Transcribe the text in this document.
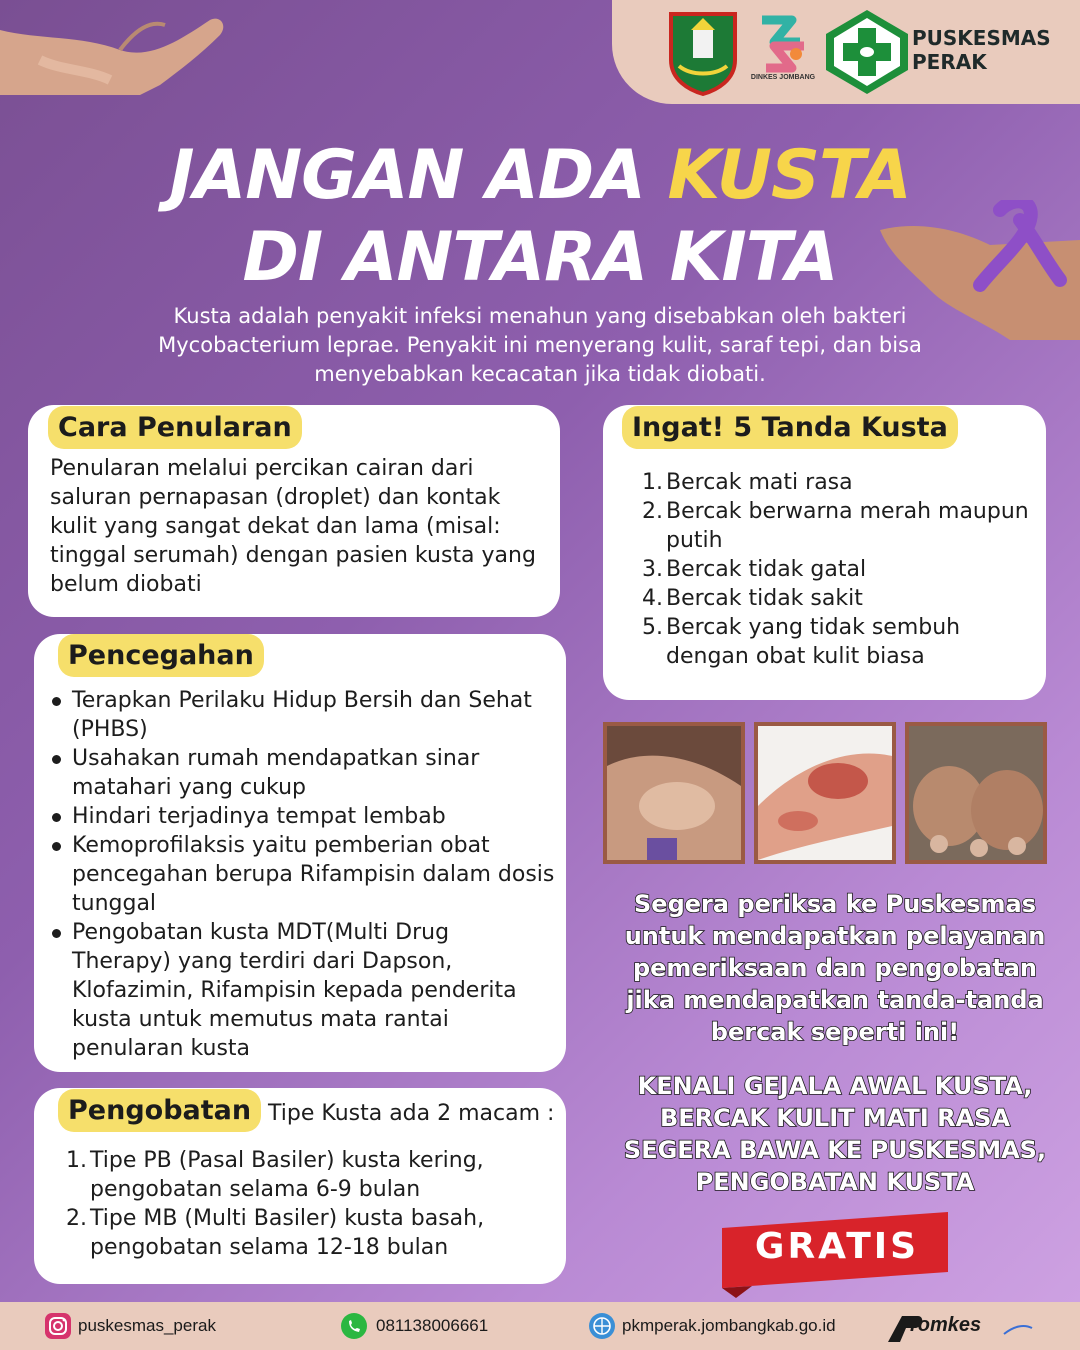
DINKES JOMBANG
PUSKESMAS
PERAK
JANGAN ADA KUSTA
DI ANTARA KITA
Kusta adalah penyakit infeksi menahun yang disebabkan oleh bakteri Mycobacterium leprae. Penyakit ini menyerang kulit, saraf tepi, dan bisa menyebabkan kecacatan jika tidak diobati.
Cara Penularan
Penularan melalui percikan cairan dari saluran pernapasan (droplet) dan kontak kulit yang sangat dekat dan lama (misal: tinggal serumah) dengan pasien kusta yang belum diobati
Pencegahan
Terapkan Perilaku Hidup Bersih dan Sehat (PHBS)
Usahakan rumah mendapatkan sinar matahari yang cukup
Hindari terjadinya tempat lembab
Kemoprofilaksis yaitu pemberian obat pencegahan berupa Rifampisin dalam dosis tunggal
Pengobatan kusta MDT(Multi Drug Therapy) yang terdiri dari Dapson, Klofazimin, Rifampisin kepada penderita kusta untuk memutus mata rantai penularan kusta
Pengobatan Tipe Kusta ada 2 macam :
1. Tipe PB (Pasal Basiler) kusta kering, pengobatan selama 6-9 bulan
2. Tipe MB (Multi Basiler) kusta basah, pengobatan selama 12-18 bulan
Ingat! 5 Tanda Kusta
1. Bercak mati rasa
2. Bercak berwarna merah maupun putih
3. Bercak tidak gatal
4. Bercak tidak sakit
5. Bercak yang tidak sembuh dengan obat kulit biasa
Segera periksa ke Puskesmas untuk mendapatkan pelayanan pemeriksaan dan pengobatan jika mendapatkan tanda-tanda bercak seperti ini!
KENALI GEJALA AWAL KUSTA, BERCAK KULIT MATI RASA SEGERA BAWA KE PUSKESMAS, PENGOBATAN KUSTA
GRATIS
puskesmas_perak	081138006661	pkmperak.jombangkab.go.id	romkes
